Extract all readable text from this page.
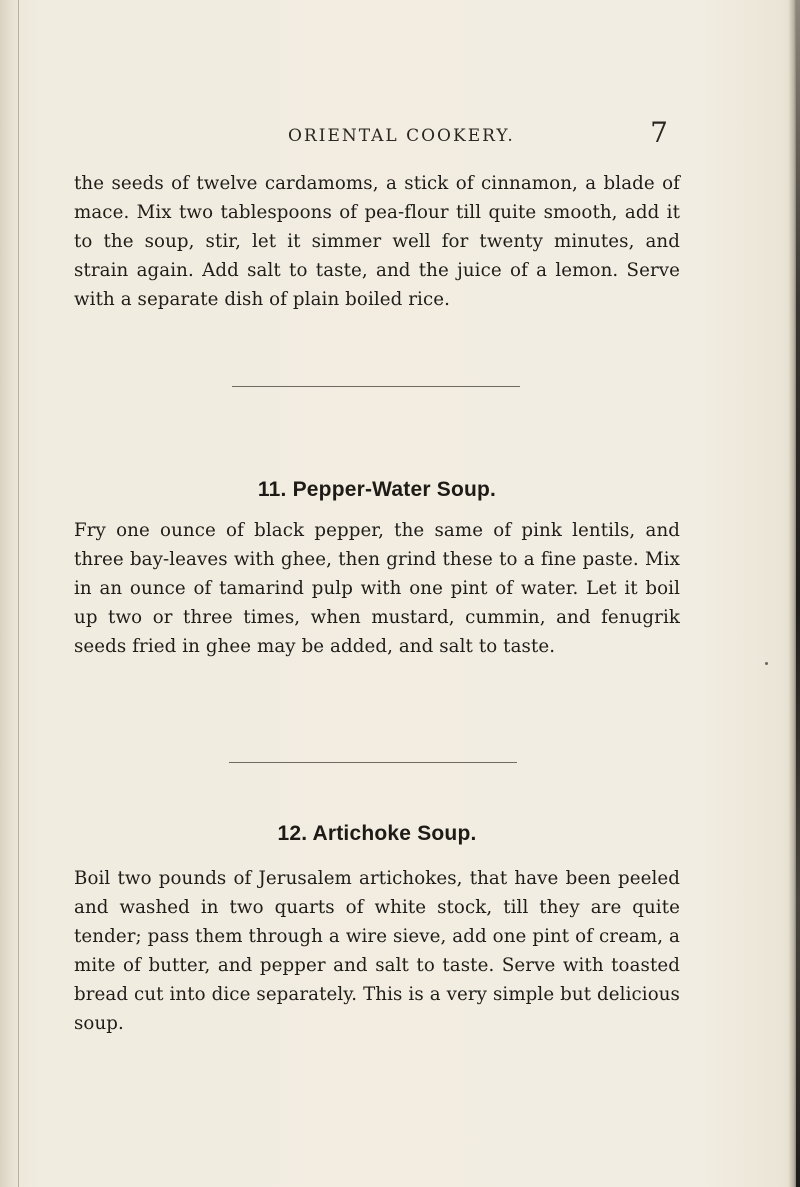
ORIENTAL COOKERY.	7

the seeds of twelve cardamoms, a stick of cinnamon, a blade of mace. Mix two tablespoons of pea-flour till quite smooth, add it to the soup, stir, let it simmer well for twenty minutes, and strain again. Add salt to taste, and the juice of a lemon. Serve with a separate dish of plain boiled rice.

11. Pepper-Water Soup.

Fry one ounce of black pepper, the same of pink lentils, and three bay-leaves with ghee, then grind these to a fine paste. Mix in an ounce of tamarind pulp with one pint of water. Let it boil up two or three times, when mustard, cummin, and fenugrik seeds fried in ghee may be added, and salt to taste.

12. Artichoke Soup.

Boil two pounds of Jerusalem artichokes, that have been peeled and washed in two quarts of white stock, till they are quite tender; pass them through a wire sieve, add one pint of cream, a mite of butter, and pepper and salt to taste. Serve with toasted bread cut into dice separately. This is a very simple but delicious soup.
